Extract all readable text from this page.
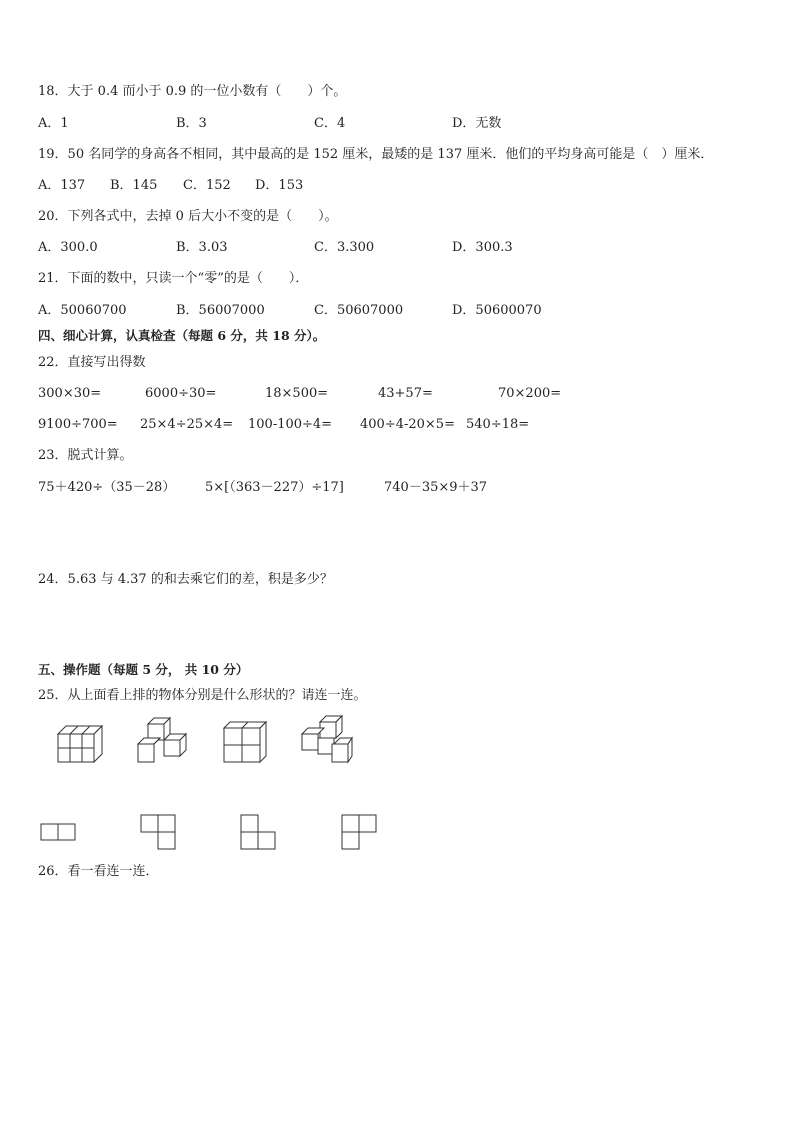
18．大于 0.4 而小于 0.9 的一位小数有（　　）个。
A．1	B．3	C．4	D．无数
19．50 名同学的身高各不相同，其中最高的是 152 厘米，最矮的是 137 厘米．他们的平均身高可能是（　）厘米．
A．137 B．145 C．152 D．153
20．下列各式中，去掉 0 后大小不变的是（　　）。
A．300.0	B．3.03	C．3.300	D．300.3
21．下面的数中，只读一个“零”的是（　　）．
A．50060700	B．56007000	C．50607000	D．50600070
四、细心计算，认真检查（每题 6 分，共 18 分）。
22．直接写出得数
300×30=	6000÷30=	18×500=	43+57=	70×200=
9100÷700= 25×4÷25×4= 100-100÷4= 400÷4-20×5= 540÷18=
23．脱式计算。
75＋420÷（35－28） 5×[（363－227）÷17]	740－35×9＋37
24．5.63 与 4.37 的和去乘它们的差，积是多少？
五、操作题（每题 5 分， 共 10 分）
25．从上面看上排的物体分别是什么形状的？请连一连。
26．看一看连一连．
